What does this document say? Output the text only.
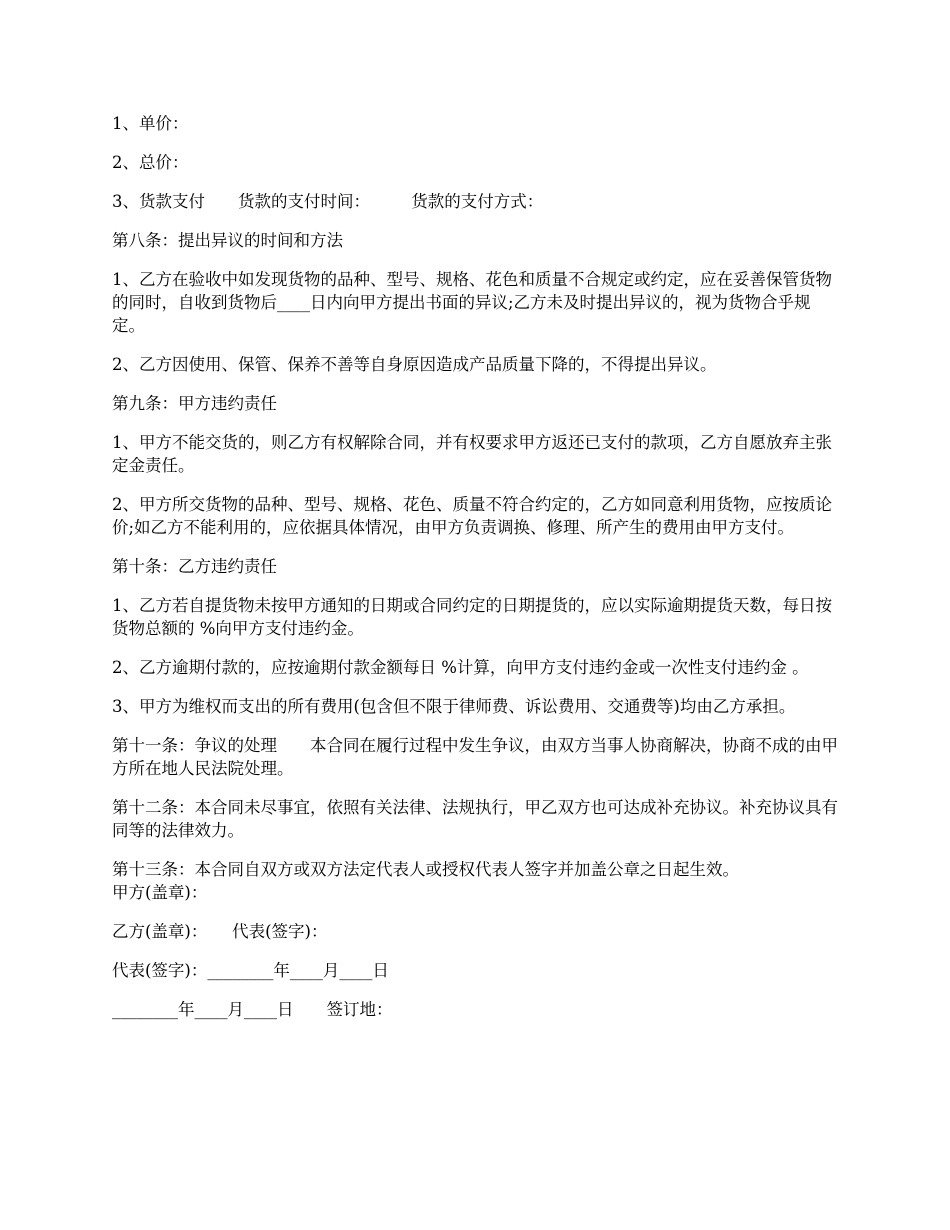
1、单价：

2、总价：

3、货款支付　　货款的支付时间：　　　货款的支付方式：

第八条：提出异议的时间和方法

1、乙方在验收中如发现货物的品种、型号、规格、花色和质量不合规定或约定，应在妥善保管货物的同时，自收到货物后____日内向甲方提出书面的异议;乙方未及时提出异议的，视为货物合乎规定。

2、乙方因使用、保管、保养不善等自身原因造成产品质量下降的，不得提出异议。

第九条：甲方违约责任

1、甲方不能交货的，则乙方有权解除合同，并有权要求甲方返还已支付的款项，乙方自愿放弃主张定金责任。

2、甲方所交货物的品种、型号、规格、花色、质量不符合约定的，乙方如同意利用货物，应按质论价;如乙方不能利用的，应依据具体情况，由甲方负责调换、修理、所产生的费用由甲方支付。

第十条：乙方违约责任

1、乙方若自提货物未按甲方通知的日期或合同约定的日期提货的，应以实际逾期提货天数，每日按货物总额的 %向甲方支付违约金。

2、乙方逾期付款的，应按逾期付款金额每日 %计算，向甲方支付违约金或一次性支付违约金 。

3、甲方为维权而支出的所有费用(包含但不限于律师费、诉讼费用、交通费等)均由乙方承担。

第十一条：争议的处理　　本合同在履行过程中发生争议，由双方当事人协商解决，协商不成的由甲方所在地人民法院处理。

第十二条：本合同未尽事宜，依照有关法律、法规执行，甲乙双方也可达成补充协议。补充协议具有同等的法律效力。

第十三条：本合同自双方或双方法定代表人或授权代表人签字并加盖公章之日起生效。

甲方(盖章)：

乙方(盖章)：　　代表(签字)：

代表(签字)：________年____月____日

________年____月____日　　签订地：
